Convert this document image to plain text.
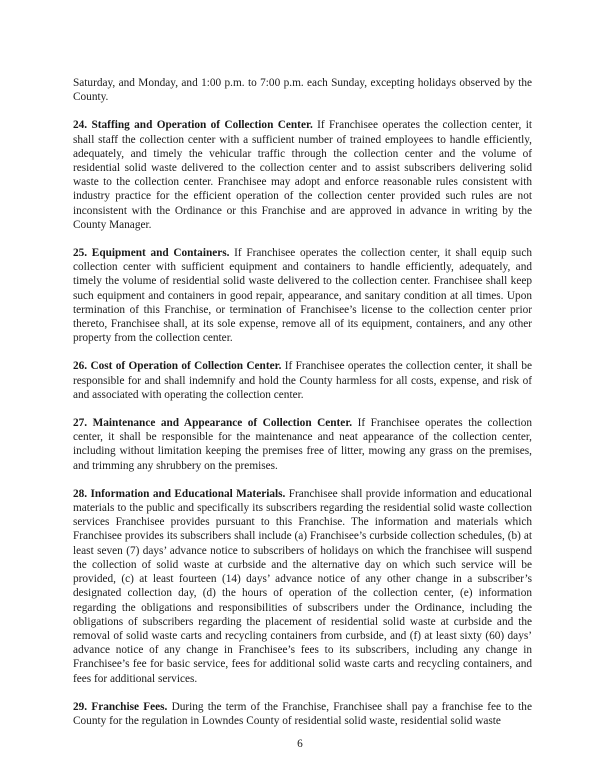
Saturday, and Monday, and 1:00 p.m. to 7:00 p.m. each Sunday, excepting holidays observed by the County.

24. Staffing and Operation of Collection Center. If Franchisee operates the collection center, it shall staff the collection center with a sufficient number of trained employees to handle efficiently, adequately, and timely the vehicular traffic through the collection center and the volume of residential solid waste delivered to the collection center and to assist subscribers delivering solid waste to the collection center. Franchisee may adopt and enforce reasonable rules consistent with industry practice for the efficient operation of the collection center provided such rules are not inconsistent with the Ordinance or this Franchise and are approved in advance in writing by the County Manager.

25. Equipment and Containers. If Franchisee operates the collection center, it shall equip such collection center with sufficient equipment and containers to handle efficiently, adequately, and timely the volume of residential solid waste delivered to the collection center. Franchisee shall keep such equipment and containers in good repair, appearance, and sanitary condition at all times. Upon termination of this Franchise, or termination of Franchisee’s license to the collection center prior thereto, Franchisee shall, at its sole expense, remove all of its equipment, containers, and any other property from the collection center.

26. Cost of Operation of Collection Center. If Franchisee operates the collection center, it shall be responsible for and shall indemnify and hold the County harmless for all costs, expense, and risk of and associated with operating the collection center.

27. Maintenance and Appearance of Collection Center. If Franchisee operates the collection center, it shall be responsible for the maintenance and neat appearance of the collection center, including without limitation keeping the premises free of litter, mowing any grass on the premises, and trimming any shrubbery on the premises.

28. Information and Educational Materials. Franchisee shall provide information and educational materials to the public and specifically its subscribers regarding the residential solid waste collection services Franchisee provides pursuant to this Franchise. The information and materials which Franchisee provides its subscribers shall include (a) Franchisee’s curbside collection schedules, (b) at least seven (7) days’ advance notice to subscribers of holidays on which the franchisee will suspend the collection of solid waste at curbside and the alternative day on which such service will be provided, (c) at least fourteen (14) days’ advance notice of any other change in a subscriber’s designated collection day, (d) the hours of operation of the collection center, (e) information regarding the obligations and responsibilities of subscribers under the Ordinance, including the obligations of subscribers regarding the placement of residential solid waste at curbside and the removal of solid waste carts and recycling containers from curbside, and (f) at least sixty (60) days’ advance notice of any change in Franchisee’s fees to its subscribers, including any change in Franchisee’s fee for basic service, fees for additional solid waste carts and recycling containers, and fees for additional services.

29. Franchise Fees. During the term of the Franchise, Franchisee shall pay a franchise fee to the County for the regulation in Lowndes County of residential solid waste, residential solid waste

6
